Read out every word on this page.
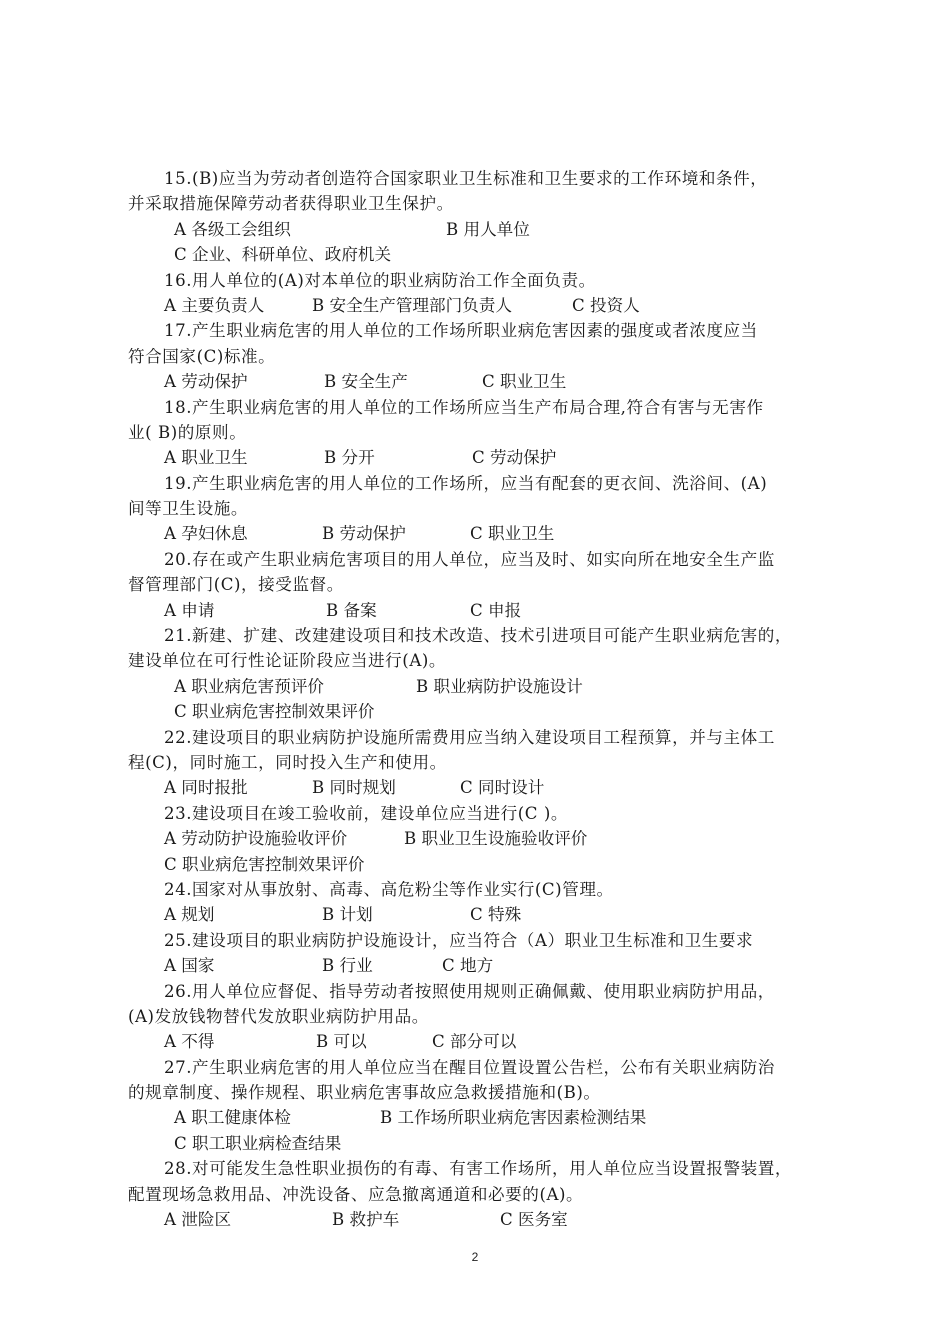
15.(B)应当为劳动者创造符合国家职业卫生标准和卫生要求的工作环境和条件，
并采取措施保障劳动者获得职业卫生保护。
A 各级工会组织	B 用人单位
C 企业、科研单位、政府机关
16.用人单位的(A)对本单位的职业病防治工作全面负责。
A 主要负责人	B 安全生产管理部门负责人	C 投资人
17.产生职业病危害的用人单位的工作场所职业病危害因素的强度或者浓度应当
符合国家(C)标准。
A 劳动保护	B 安全生产	C 职业卫生
18.产生职业病危害的用人单位的工作场所应当生产布局合理,符合有害与无害作
业( B)的原则。
A 职业卫生	B 分开	C 劳动保护
19.产生职业病危害的用人单位的工作场所，应当有配套的更衣间、洗浴间、(A)
间等卫生设施。
A 孕妇休息	B 劳动保护	C 职业卫生
20.存在或产生职业病危害项目的用人单位，应当及时、如实向所在地安全生产监
督管理部门(C)，接受监督。
A 申请	B 备案	C 申报
21.新建、扩建、改建建设项目和技术改造、技术引进项目可能产生职业病危害的，
建设单位在可行性论证阶段应当进行(A)。
A 职业病危害预评价	B 职业病防护设施设计
C 职业病危害控制效果评价
22.建设项目的职业病防护设施所需费用应当纳入建设项目工程预算，并与主体工
程(C)，同时施工，同时投入生产和使用。
A 同时报批	B 同时规划	C 同时设计
23.建设项目在竣工验收前，建设单位应当进行(C )。
A 劳动防护设施验收评价	B 职业卫生设施验收评价
C 职业病危害控制效果评价
24.国家对从事放射、高毒、高危粉尘等作业实行(C)管理。
A 规划	B 计划	C 特殊
25.建设项目的职业病防护设施设计，应当符合（A）职业卫生标准和卫生要求
A 国家	B 行业	C 地方
26.用人单位应督促、指导劳动者按照使用规则正确佩戴、使用职业病防护用品，
(A)发放钱物替代发放职业病防护用品。
A 不得	B 可以	C 部分可以
27.产生职业病危害的用人单位应当在醒目位置设置公告栏，公布有关职业病防治
的规章制度、操作规程、职业病危害事故应急救援措施和(B)。
A 职工健康体检	B 工作场所职业病危害因素检测结果
C 职工职业病检查结果
28.对可能发生急性职业损伤的有毒、有害工作场所，用人单位应当设置报警装置，
配置现场急救用品、冲洗设备、应急撤离通道和必要的(A)。
A 泄险区	B 救护车	C 医务室
2
